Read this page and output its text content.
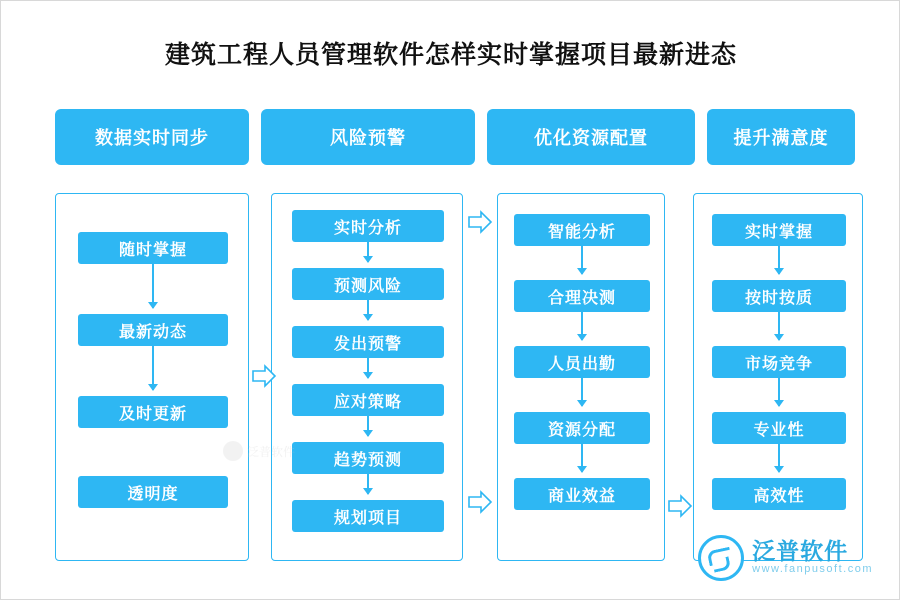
建筑工程人员管理软件怎样实时掌握项目最新进态
数据实时同步	风险预警	优化资源配置	提升满意度
随时掌握
最新动态
及时更新
透明度
实时分析
预测风险
发出预警
应对策略
趋势预测
规划项目
智能分析
合理决测
人员出勤
资源分配
商业效益
实时掌握
按时按质
市场竞争
专业性
高效性
泛普软件
泛普软件
www.fanpusoft.com
